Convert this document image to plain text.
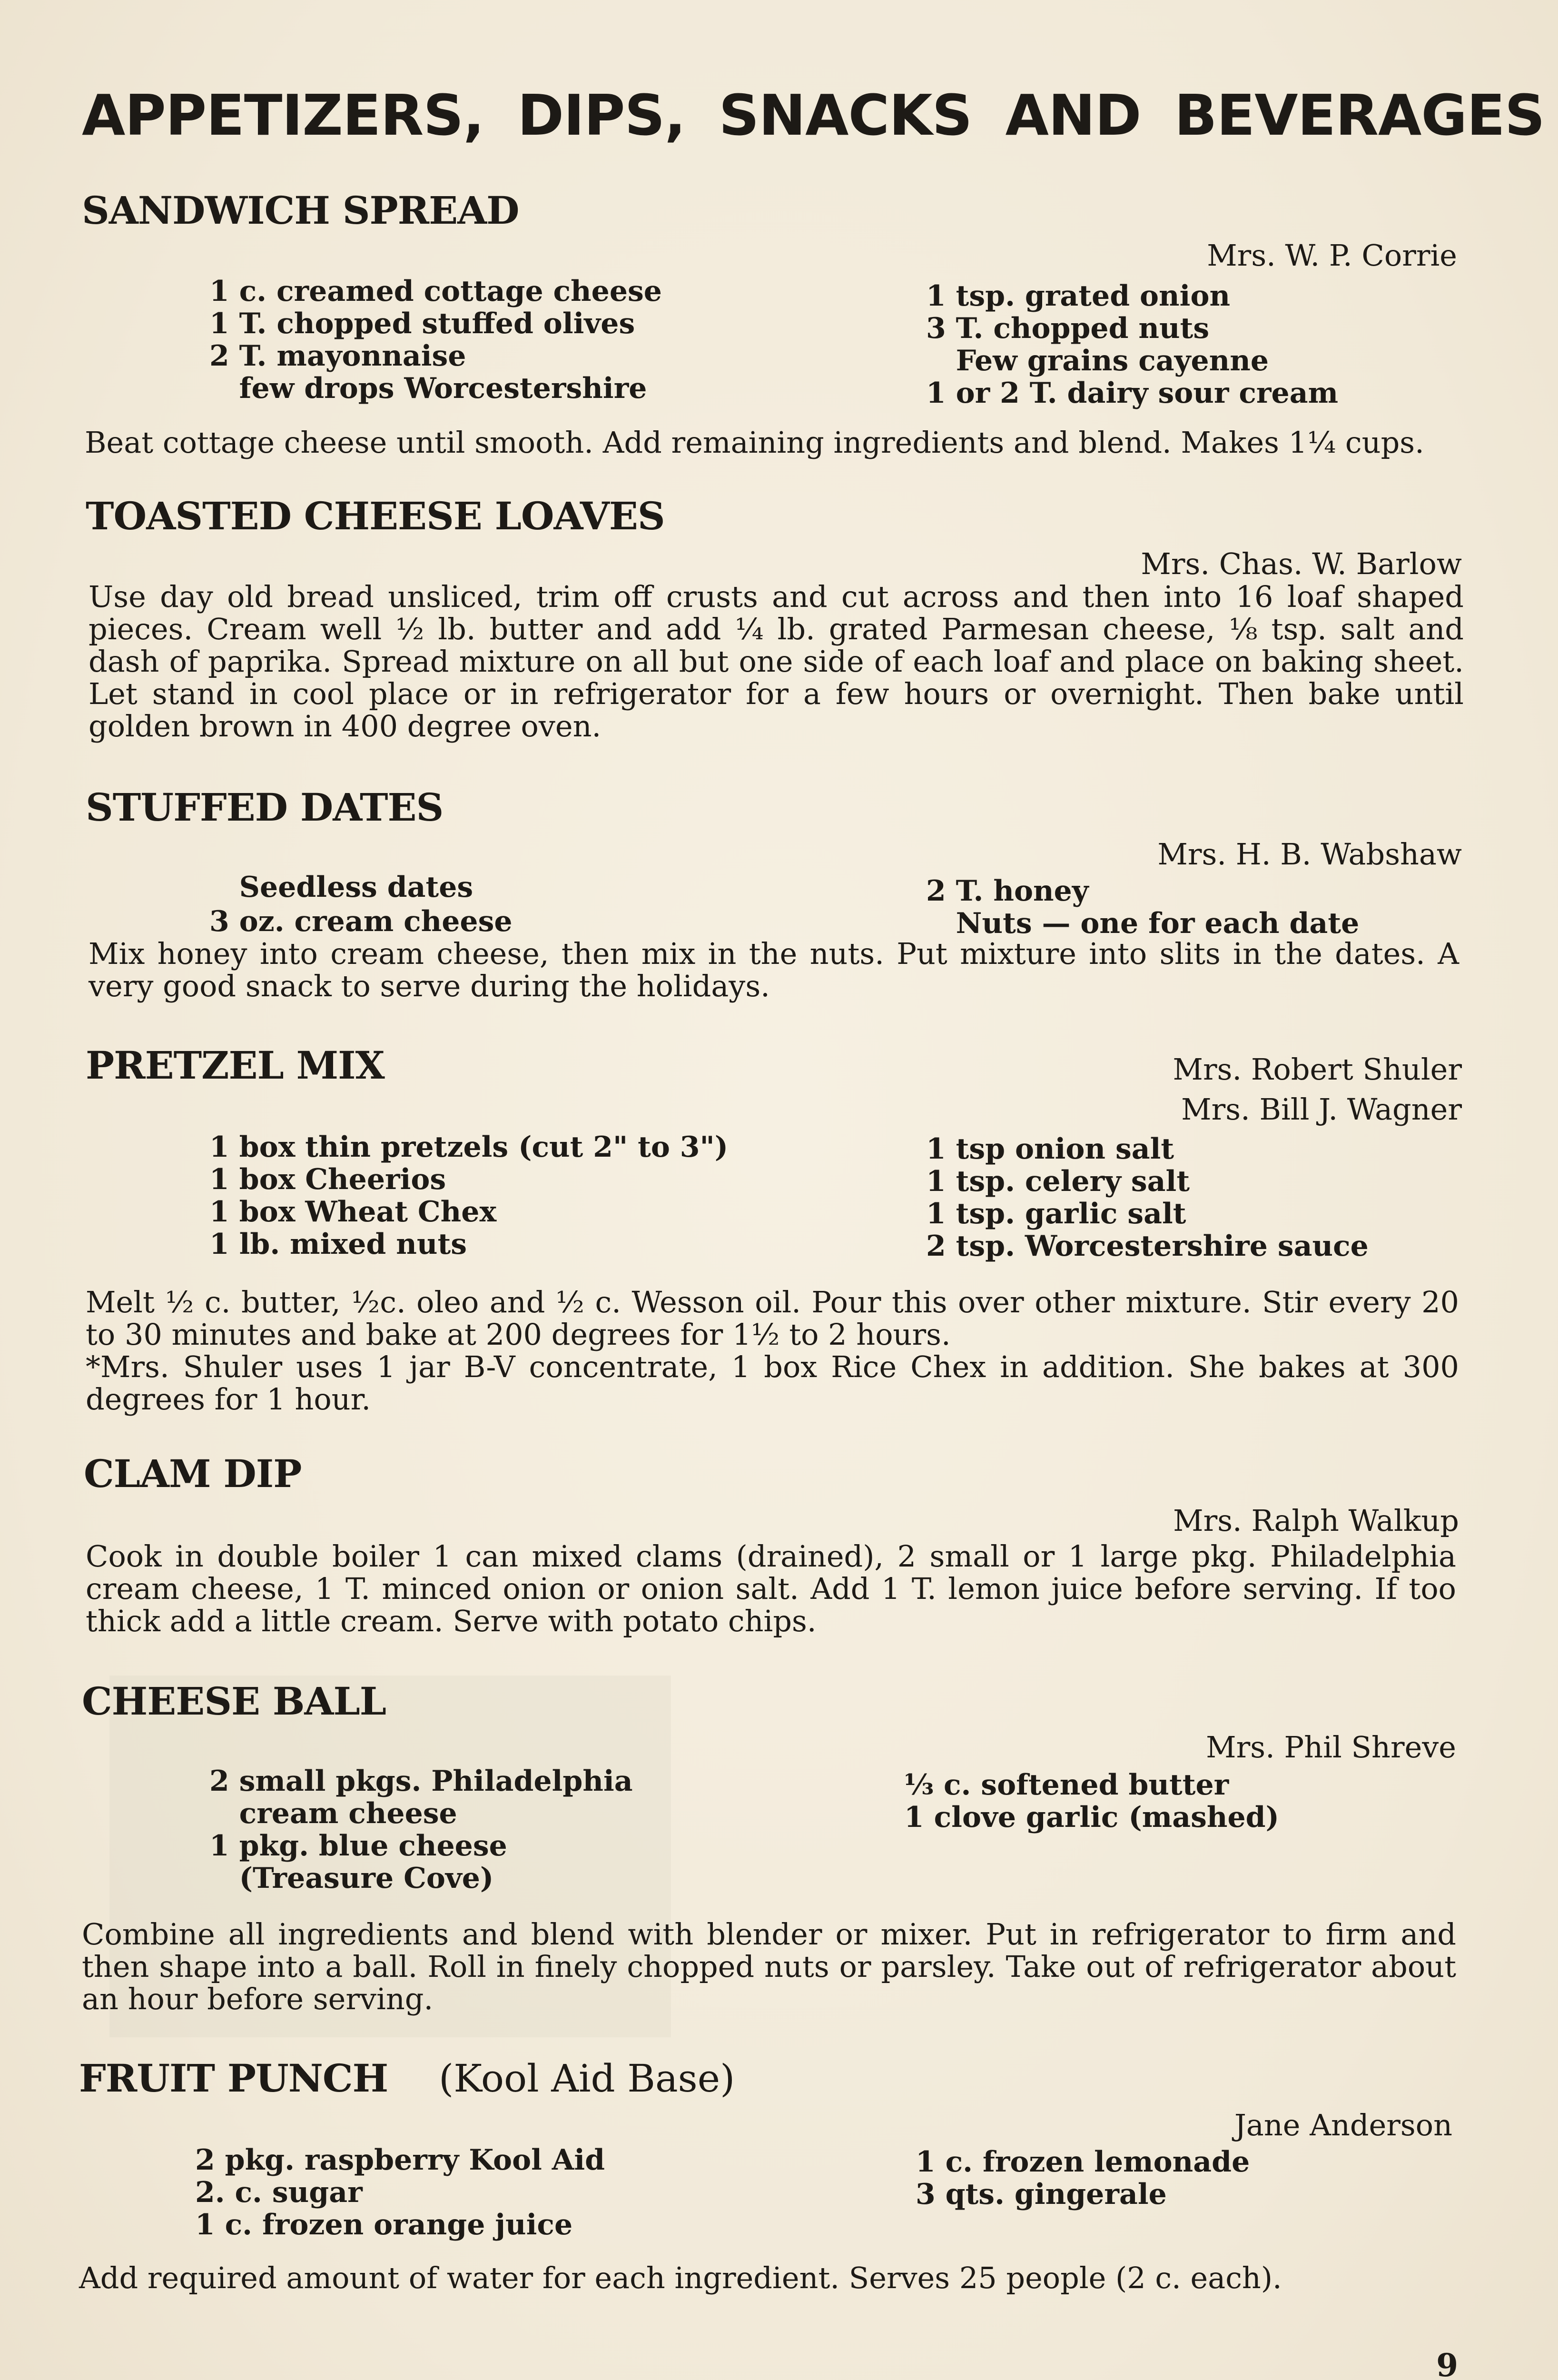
APPETIZERS, DIPS, SNACKS AND BEVERAGES
SANDWICH SPREAD
Mrs. W. P. Corrie
1 c. creamed cottage cheese
1 T. chopped stuffed olives
2 T. mayonnaise
few drops Worcestershire
1 tsp. grated onion
3 T. chopped nuts
Few grains cayenne
1 or 2 T. dairy sour cream

Beat cottage cheese until smooth. Add remaining ingredients and blend. Makes 1¼ cups.

TOASTED CHEESE LOAVES
Mrs. Chas. W. Barlow

Use day old bread unsliced, trim off crusts and cut across and then into 16 loaf shaped pieces. Cream well ½ lb. butter and add ¼ lb. grated Parmesan cheese, ⅛ tsp. salt and dash of paprika. Spread mixture on all but one side of each loaf and place on baking sheet. Let stand in cool place or in refrigerator for a few hours or overnight. Then bake until golden brown in 400 degree oven.

STUFFED DATES
Mrs. H. B. Wabshaw
Seedless dates
3 oz. cream cheese
2 T. honey
Nuts — one for each date

Mix honey into cream cheese, then mix in the nuts. Put mixture into slits in the dates. A very good snack to serve during the holidays.

PRETZEL MIX	Mrs. Robert Shuler
Mrs. Bill J. Wagner
1 box thin pretzels (cut 2" to 3")
1 box Cheerios
1 box Wheat Chex
1 lb. mixed nuts
1 tsp onion salt
1 tsp. celery salt
1 tsp. garlic salt
2 tsp. Worcestershire sauce

Melt ½ c. butter, ½c. oleo and ½ c. Wesson oil. Pour this over other mixture. Stir every 20 to 30 minutes and bake at 200 degrees for 1½ to 2 hours.

*Mrs. Shuler uses 1 jar B-V concentrate, 1 box Rice Chex in addition. She bakes at 300 degrees for 1 hour.

CLAM DIP
Mrs. Ralph Walkup

Cook in double boiler 1 can mixed clams (drained), 2 small or 1 large pkg. Philadelphia cream cheese, 1 T. minced onion or onion salt. Add 1 T. lemon juice before serving. If too thick add a little cream. Serve with potato chips.

CHEESE BALL
Mrs. Phil Shreve
2 small pkgs. Philadelphia
cream cheese
1 pkg. blue cheese
(Treasure Cove)
⅓ c. softened butter
1 clove garlic (mashed)

Combine all ingredients and blend with blender or mixer. Put in refrigerator to firm and then shape into a ball. Roll in finely chopped nuts or parsley. Take out of refrigerator about an hour before serving.

FRUIT PUNCH (Kool Aid Base)
Jane Anderson
2 pkg. raspberry Kool Aid
2. c. sugar
1 c. frozen orange juice
1 c. frozen lemonade
3 qts. gingerale
Add required amount of water for each ingredient. Serves 25 people (2 c. each).
9
